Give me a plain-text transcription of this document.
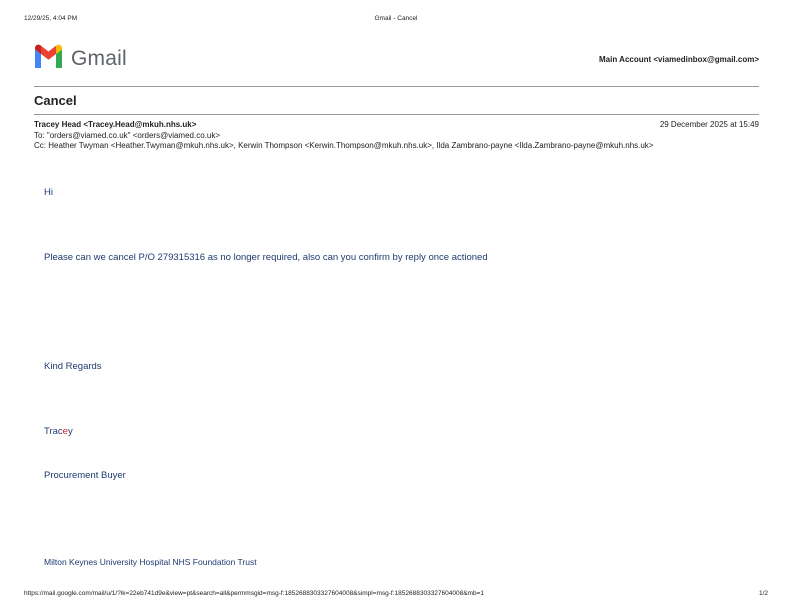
12/29/25, 4:04 PM	Gmail - Cancel
Gmail	Main Account <viamedinbox@gmail.com>
Cancel
Tracey Head <Tracey.Head@mkuh.nhs.uk>	29 December 2025 at 15:49
To: "orders@viamed.co.uk" <orders@viamed.co.uk>
Cc: Heather Twyman <Heather.Twyman@mkuh.nhs.uk>, Kerwin Thompson <Kerwin.Thompson@mkuh.nhs.uk>, Ilda Zambrano-payne <Ilda.Zambrano-payne@mkuh.nhs.uk>
Hi
Please can we cancel P/O 279315316 as no longer required, also can you confirm by reply once actioned
Kind Regards
Tracey
Procurement Buyer
Milton Keynes University Hospital NHS Foundation Trust
https://mail.google.com/mail/u/1/?ik=22eb741d9e&view=pt&search=all&permmsgid=msg-f:1852688303327604008&simpl=msg-f:1852688303327604008&mb=1	1/2
